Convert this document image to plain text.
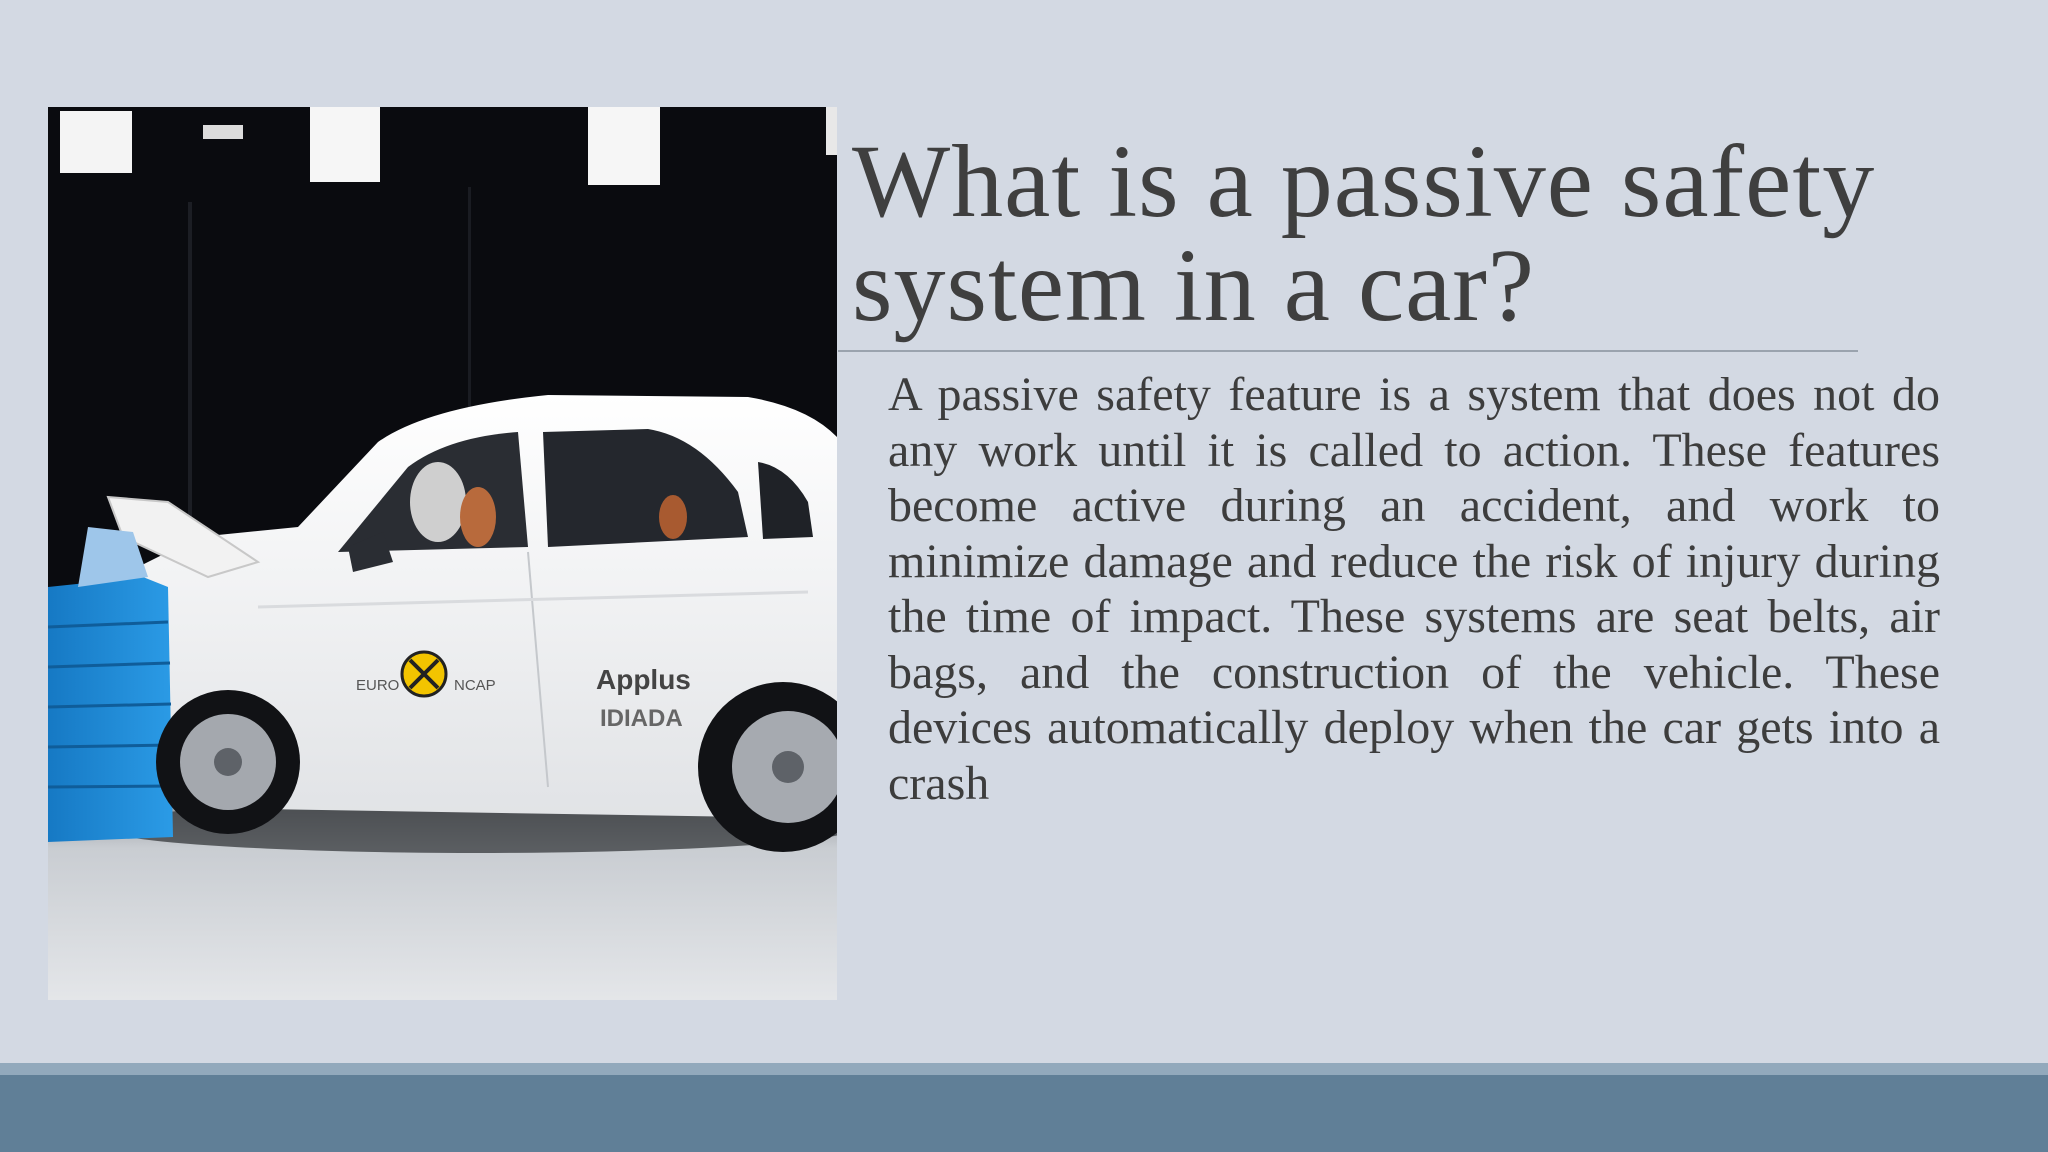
EURO	NCAP	Applus
IDIADA
What is a passive safety system in a car?

A passive safety feature is a system that does not do any work until it is called to action. These features become active during an accident, and work to minimize damage and reduce the risk of injury during the time of impact. These systems are seat belts, air bags, and the construction of the vehicle. These devices automatically deploy when the car gets into a crash
